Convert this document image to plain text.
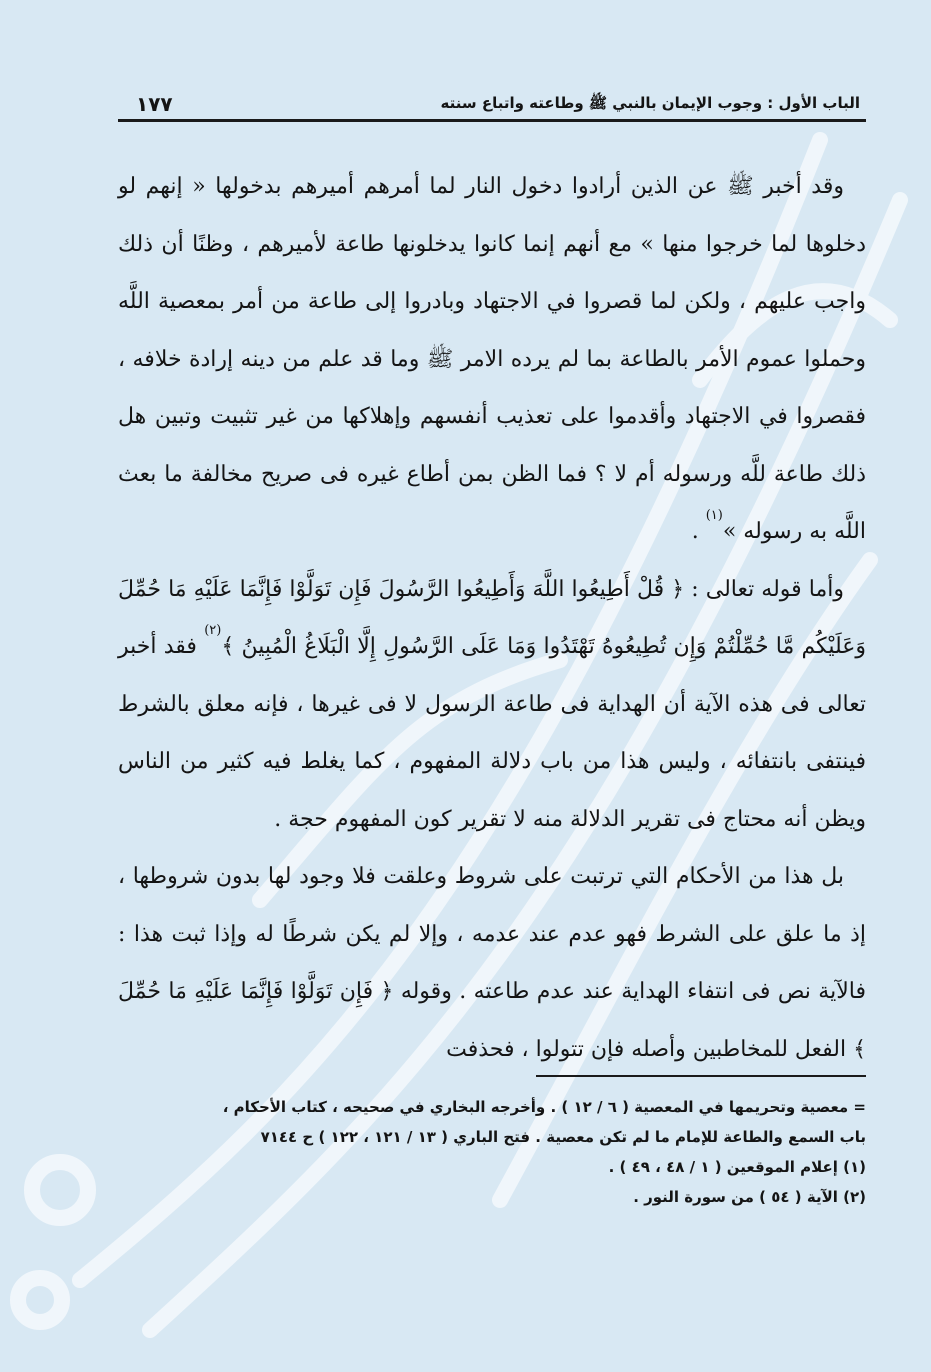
الباب الأول : وجوب الإيمان بالنبي ﷺ وطاعته واتباع سنته
١٧٧

وقد أخبر ﷺ عن الذين أرادوا دخول النار لما أمرهم أميرهم بدخولها « إنهم لو دخلوها لما خرجوا منها » مع أنهم إنما كانوا يدخلونها طاعة لأميرهم ، وظنًا أن ذلك واجب عليهم ، ولكن لما قصروا في الاجتهاد وبادروا إلى طاعة من أمر بمعصية اللَّه وحملوا عموم الأمر بالطاعة بما لم يرده الامر ﷺ وما قد علم من دينه إرادة خلافه ، فقصروا في الاجتهاد وأقدموا على تعذيب أنفسهم وإهلاكها من غير تثبيت وتبين هل ذلك طاعة للَّه ورسوله أم لا ؟ فما الظن بمن أطاع غيره فى صريح مخالفة ما بعث اللَّه به رسوله »$^{(١)}$ .

وأما قوله تعالى : ﴿ قُلْ أَطِيعُوا اللَّهَ وَأَطِيعُوا الرَّسُولَ فَإِن تَوَلَّوْا فَإِنَّمَا عَلَيْهِ مَا حُمِّلَ وَعَلَيْكُم مَّا حُمِّلْتُمْ وَإِن تُطِيعُوهُ تَهْتَدُوا وَمَا عَلَى الرَّسُولِ إِلَّا الْبَلَاغُ الْمُبِينُ ﴾$^{(٢)}$ فقد أخبر تعالى فى هذه الآية أن الهداية فى طاعة الرسول لا فى غيرها ، فإنه معلق بالشرط فينتفى بانتفائه ، وليس هذا من باب دلالة المفهوم ، كما يغلط فيه كثير من الناس ويظن أنه محتاج فى تقرير الدلالة منه لا تقرير كون المفهوم حجة .

بل هذا من الأحكام التي ترتبت على شروط وعلقت فلا وجود لها بدون شروطها ، إذ ما علق على الشرط فهو عدم عند عدمه ، وإلا لم يكن شرطًا له وإذا ثبت هذا : فالآية نص فى انتفاء الهداية عند عدم طاعته . وقوله ﴿ فَإِن تَوَلَّوْا فَإِنَّمَا عَلَيْهِ مَا حُمِّلَ ﴾ الفعل للمخاطبين وأصله فإن تتولوا ، فحذفت

= معصية وتحريمها في المعصية ( ٦ / ١٢ ) . وأخرجه البخاري في صحيحه ، كتاب الأحكام ،
باب السمع والطاعة للإمام ما لم تكن معصية . فتح الباري ( ١٣ / ١٢١ ، ١٢٢ ) ح ٧١٤٤
(١) إعلام الموقعين ( ١ / ٤٨ ، ٤٩ ) .
(٢) الآية ( ٥٤ ) من سورة النور .
